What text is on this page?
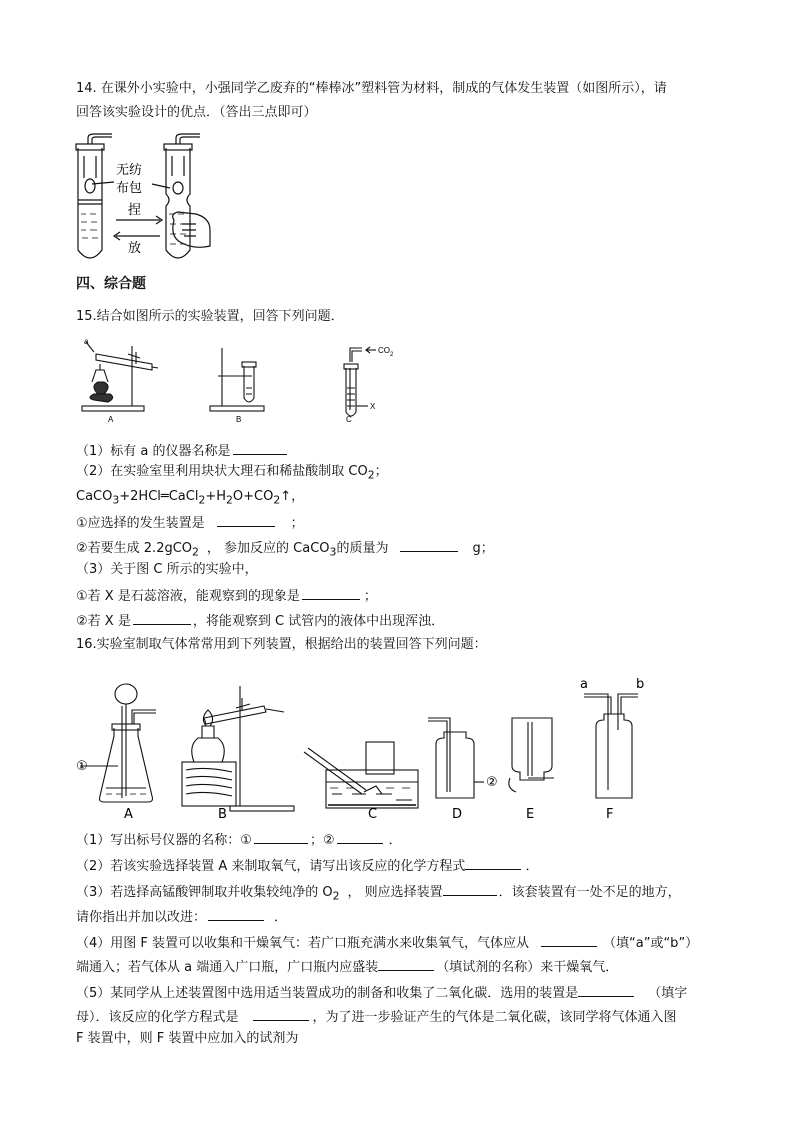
14. 在课外小实验中，小强同学乙废弃的“棒棒冰”塑料管为材料，制成的气体发生装置（如图所示），请
回答该实验设计的优点．（答出三点即可）
无纺
布包
捏
放
四、综合题
15.结合如图所示的实验装置，回答下列问题．
a
A	B	C
$CO_2$
X
（1）标有 a 的仪器名称是
（2）在实验室里利用块状大理石和稀盐酸制取 $CO_2$；
$CaCO_3+2HCl═CaCl_2+H_2O+CO_2↑$，
①应选择的发生装置是	；
②若要生成 2.2gCO$_2$ ， 参加反应的 CaCO$_3$的质量为	g；
（3）关于图 C 所示的实验中，
①若 X 是石蕊溶液，能观察到的现象是	；
②若 X 是	，将能观察到 C 试管内的液体中出现浑浊．
16.实验室制取气体常常用到下列装置，根据给出的装置回答下列问题：
①
②
A	B	C	D	E	F
a	b
（1）写出标号仪器的名称：①	；②	．
（2）若该实验选择装置 A 来制取氧气，请写出该反应的化学方程式	．
（3）若选择高锰酸钾制取并收集较纯净的 $O_2$ ， 则应选择装置	．该套装置有一处不足的地方，
请你指出并加以改进：	．
（4）用图 F 装置可以收集和干燥氧气：若广口瓶充满水来收集氧气，气体应从	（填“a”或“b”）
端通入；若气体从 a 端通入广口瓶，广口瓶内应盛装	（填试剂的名称）来干燥氧气．
（5）某同学从上述装置图中选用适当装置成功的制备和收集了二氧化碳．选用的装置是	（填字
母）．该反应的化学方程式是	，为了进一步验证产生的气体是二氧化碳，该同学将气体通入图
F 装置中，则 F 装置中应加入的试剂为
